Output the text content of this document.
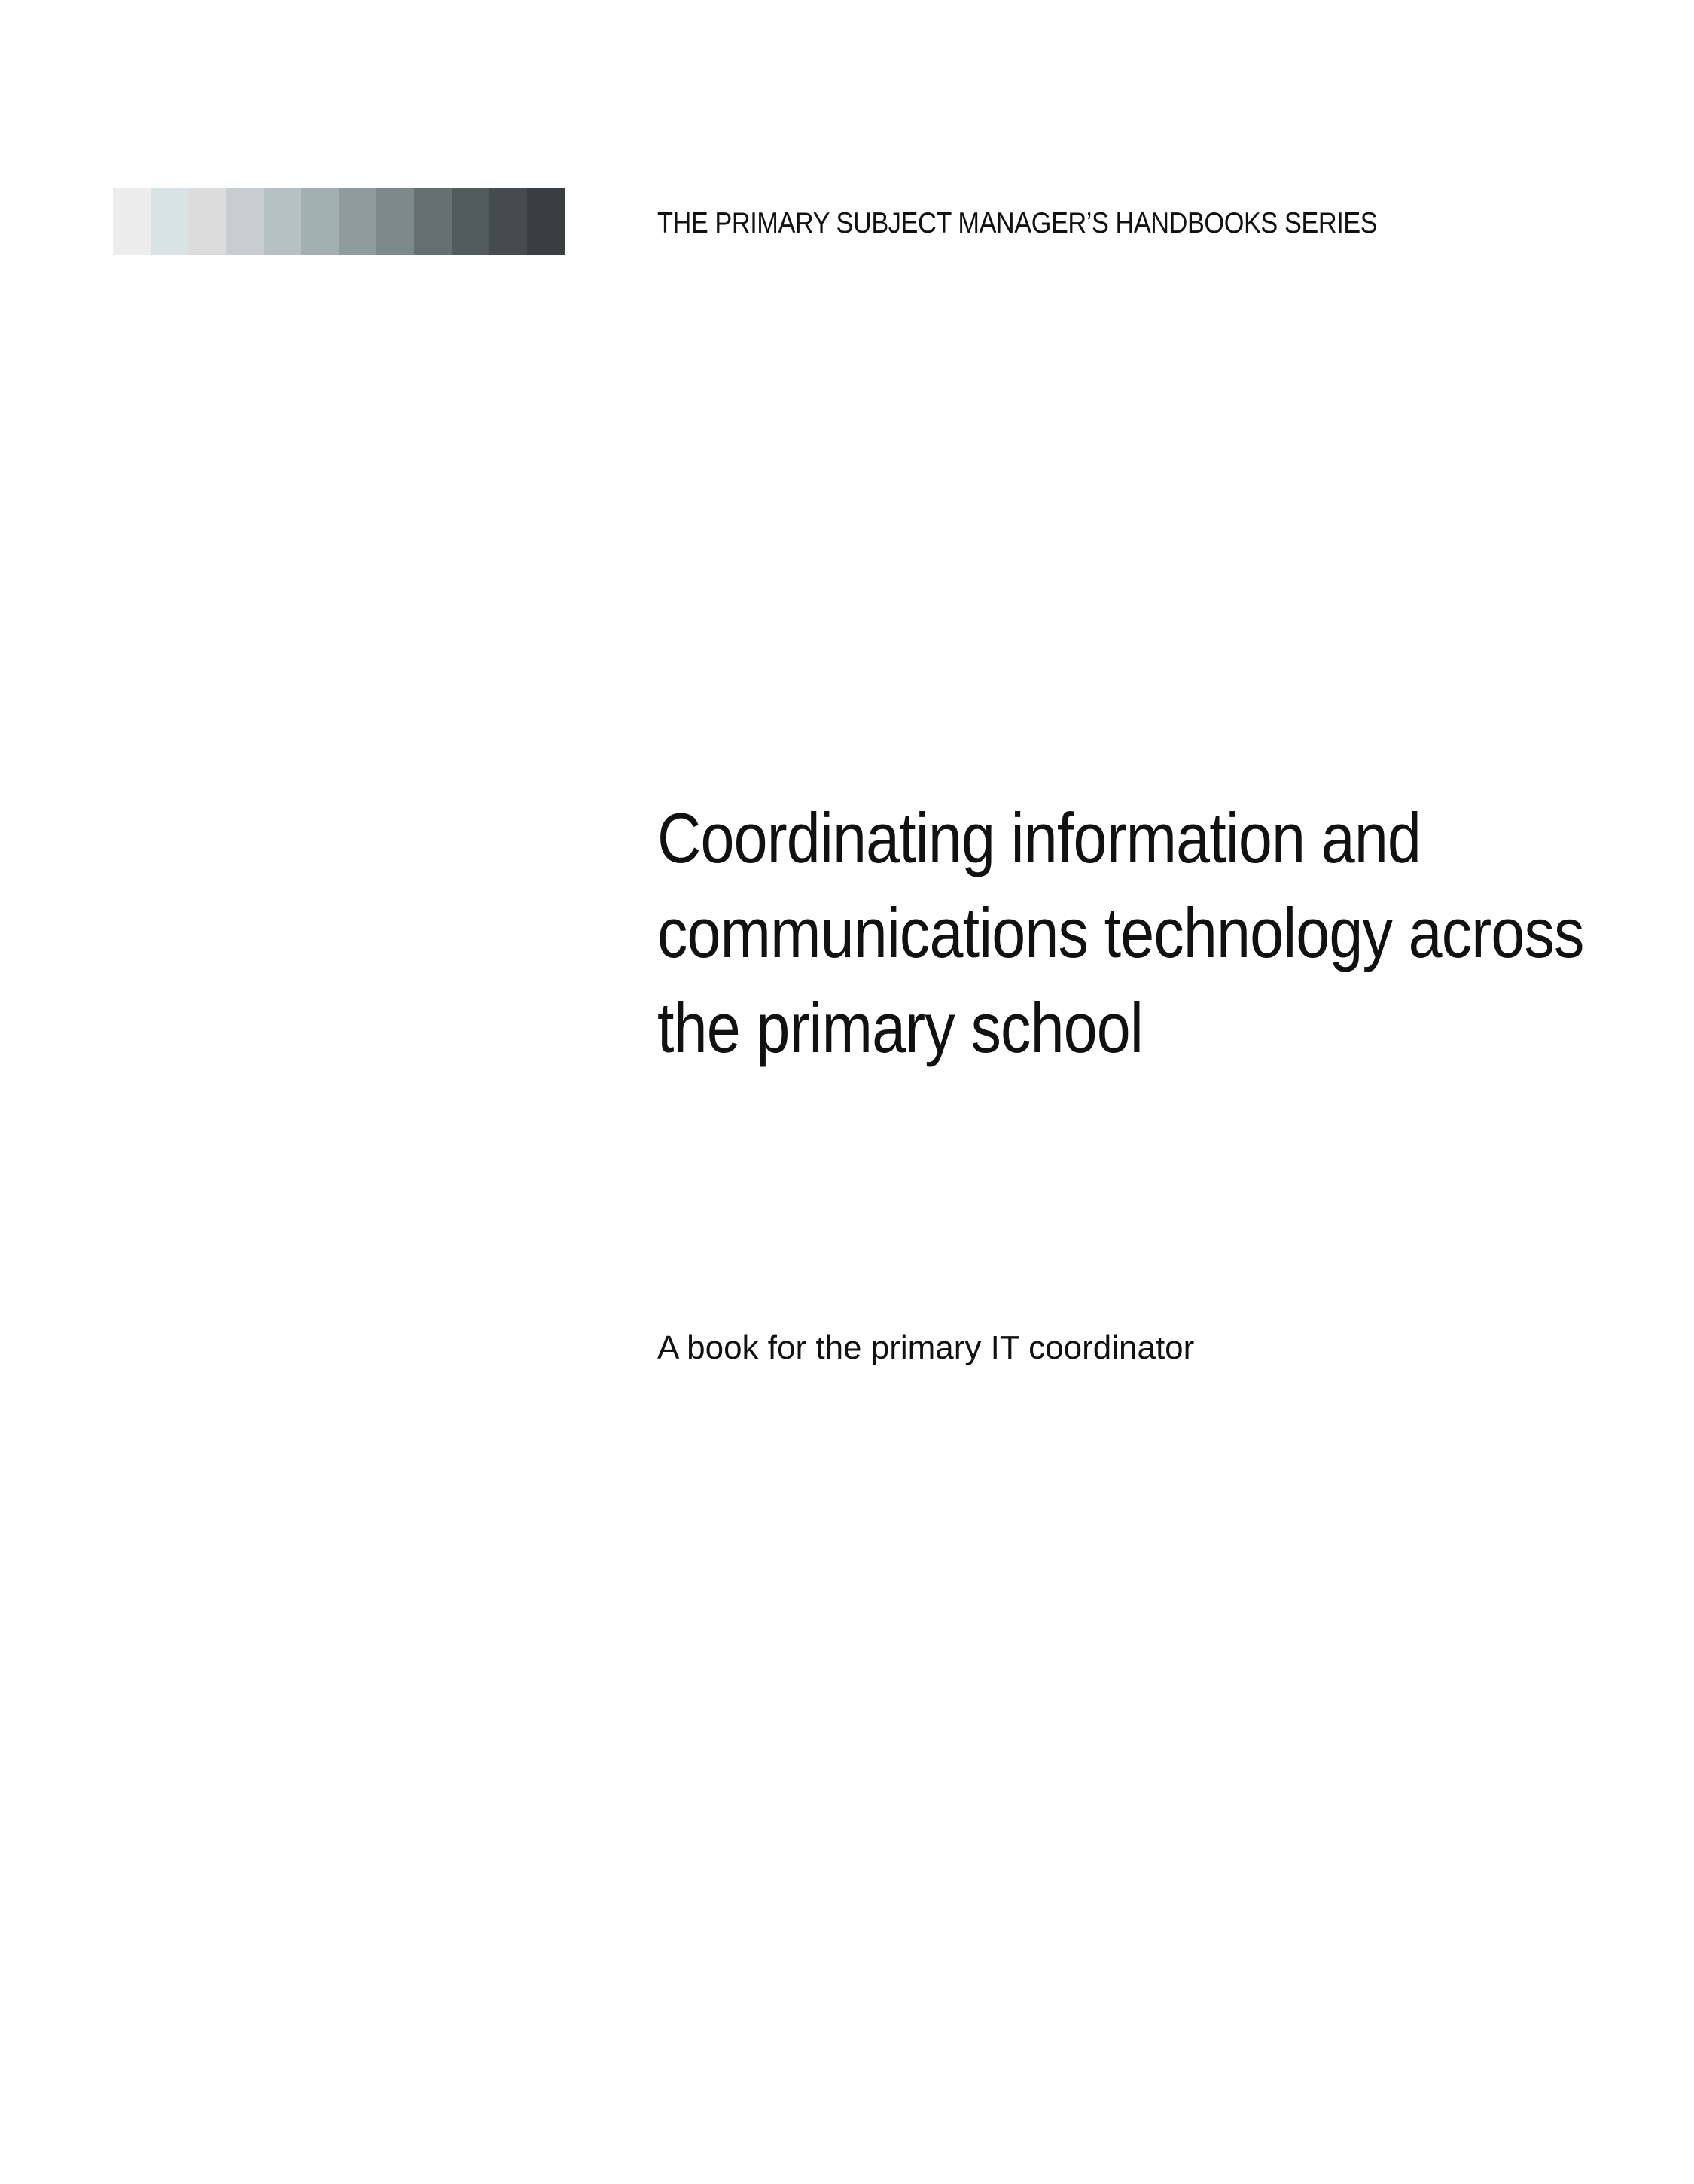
THE PRIMARY SUBJECT MANAGER’S HANDBOOKS SERIES
Coordinating information and
communications technology across
the primary school
A book for the primary IT coordinator
